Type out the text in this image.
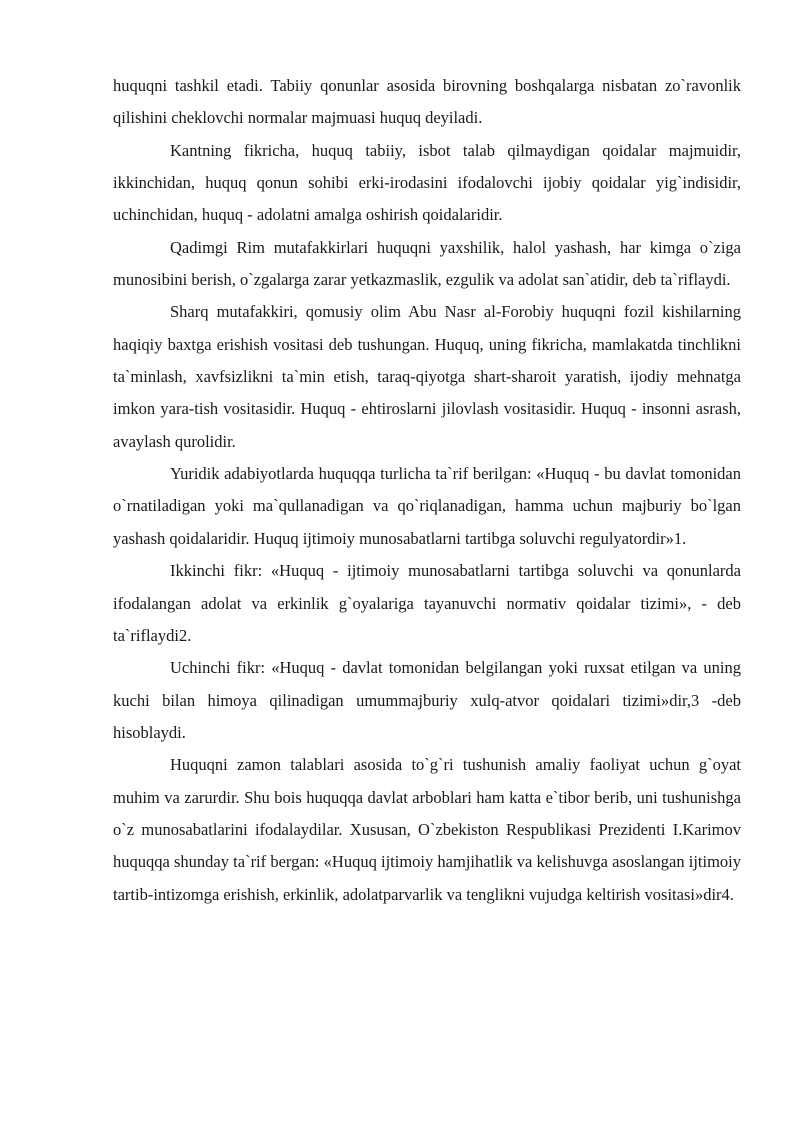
huquqni tashkil etadi. Tabiiy qonunlar asosida birovning boshqalarga nisbatan zo`ravonlik qilishini cheklovchi normalar majmuasi huquq deyiladi.

Kantning fikricha, huquq tabiiy, isbot talab qilmaydigan qoidalar majmuidir, ikkinchidan, huquq qonun sohibi erki-irodasini ifodalovchi ijobiy qoidalar yig`indisidir, uchinchidan, huquq - adolatni amalga oshirish qoidalaridir.

Qadimgi Rim mutafakkirlari huquqni yaxshilik, halol yashash, har kimga o`ziga munosibini berish, o`zgalarga zarar yetkazmaslik, ezgulik va adolat san`atidir, deb ta`riflaydi.

Sharq mutafakkiri, qomusiy olim Abu Nasr al-Forobiy huquqni fozil kishilarning haqiqiy baxtga erishish vositasi deb tushungan. Huquq, uning fikricha, mamlakatda tinchlikni ta`minlash, xavfsizlikni ta`min etish, taraq-qiyotga shart-sharoit yaratish, ijodiy mehnatga imkon yara-tish vositasidir. Huquq - ehtiroslarni jilovlash vositasidir. Huquq - insonni asrash, avaylash qurolidir.

Yuridik adabiyotlarda huquqqa turlicha ta`rif berilgan: «Huquq - bu davlat tomonidan o`rnatiladigan yoki ma`qullanadigan va qo`riqlanadigan, hamma uchun majburiy bo`lgan yashash qoidalaridir. Huquq ijtimoiy munosabatlarni tartibga soluvchi regulyatordir»1.

Ikkinchi fikr: «Huquq - ijtimoiy munosabatlarni tartibga soluvchi va qonunlarda ifodalangan adolat va erkinlik g`oyalariga tayanuvchi normativ qoidalar tizimi», - deb ta`riflaydi2.

Uchinchi fikr: «Huquq - davlat tomonidan belgilangan yoki ruxsat etilgan va uning kuchi bilan himoya qilinadigan umummajburiy xulq-atvor qoidalari tizimi»dir,3 -deb hisoblaydi.

Huquqni zamon talablari asosida to`g`ri tushunish amaliy faoliyat uchun g`oyat muhim va zarurdir. Shu bois huquqqa davlat arboblari ham katta e`tibor berib, uni tushunishga o`z munosabatlarini ifodalaydilar. Xususan, O`zbekiston Respublikasi Prezidenti I.Karimov huquqqa shunday ta`rif bergan: «Huquq ijtimoiy hamjihatlik va kelishuvga asoslangan ijtimoiy tartib-intizomga erishish, erkinlik, adolatparvarlik va tenglikni vujudga keltirish vositasi»dir4.
